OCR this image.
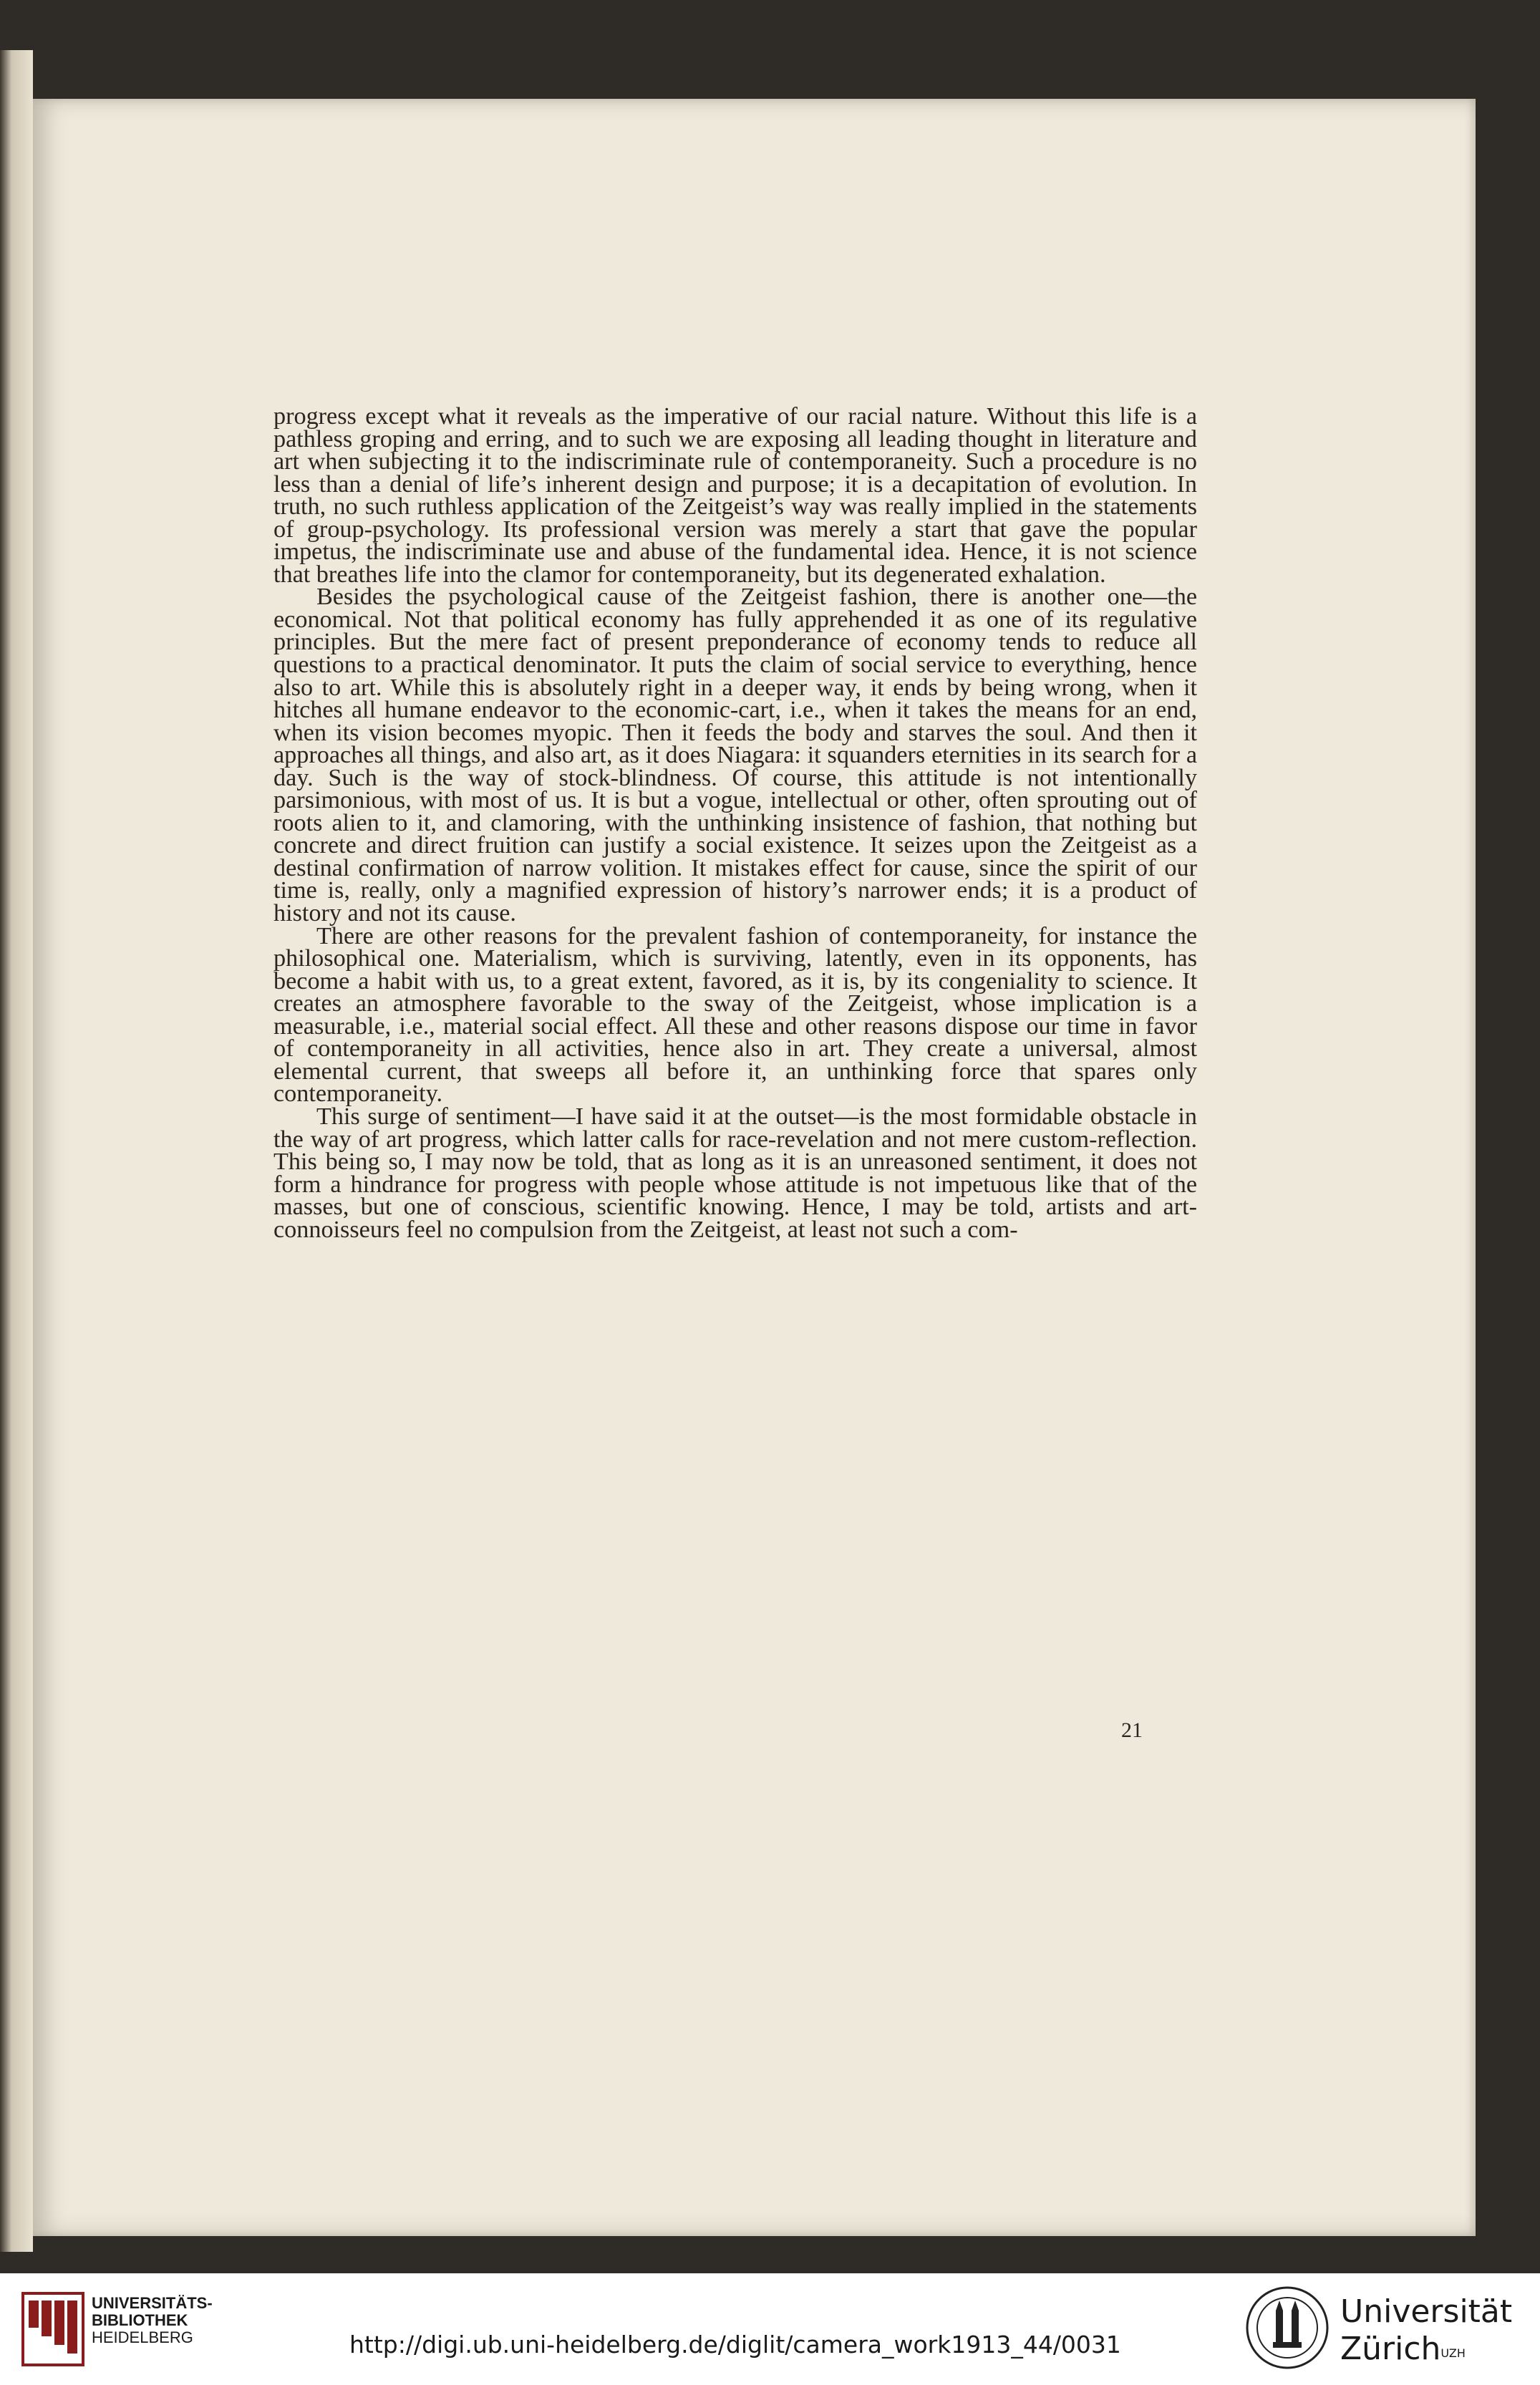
progress except what it reveals as the imperative of our racial nature. Without this life is a pathless groping and erring, and to such we are exposing all leading thought in literature and art when subjecting it to the indiscriminate rule of contemporaneity. Such a procedure is no less than a denial of life’s inherent design and purpose; it is a decapitation of evolution. In truth, no such ruthless application of the Zeitgeist’s way was really implied in the statements of group-psychology. Its professional version was merely a start that gave the popular impetus, the indiscriminate use and abuse of the fundamental idea. Hence, it is not science that breathes life into the clamor for contemporaneity, but its degenerated exhalation.

Besides the psychological cause of the Zeitgeist fashion, there is another one—the economical. Not that political economy has fully apprehended it as one of its regulative principles. But the mere fact of present preponderance of economy tends to reduce all questions to a practical denominator. It puts the claim of social service to everything, hence also to art. While this is absolutely right in a deeper way, it ends by being wrong, when it hitches all humane endeavor to the economic-cart, i.e., when it takes the means for an end, when its vision becomes myopic. Then it feeds the body and starves the soul. And then it approaches all things, and also art, as it does Niagara: it squanders eternities in its search for a day. Such is the way of stock-blindness. Of course, this attitude is not intentionally parsimonious, with most of us. It is but a vogue, intellectual or other, often sprouting out of roots alien to it, and clamoring, with the unthinking insistence of fashion, that nothing but concrete and direct fruition can justify a social existence. It seizes upon the Zeitgeist as a destinal confirmation of narrow volition. It mistakes effect for cause, since the spirit of our time is, really, only a magnified expression of history’s narrower ends; it is a product of history and not its cause.

There are other reasons for the prevalent fashion of contemporaneity, for instance the philosophical one. Materialism, which is surviving, latently, even in its opponents, has become a habit with us, to a great extent, favored, as it is, by its congeniality to science. It creates an atmosphere favorable to the sway of the Zeitgeist, whose implication is a measurable, i.e., material social effect. All these and other reasons dispose our time in favor of contemporaneity in all activities, hence also in art. They create a universal, almost elemental current, that sweeps all before it, an unthinking force that spares only contemporaneity.

This surge of sentiment—I have said it at the outset—is the most formidable obstacle in the way of art progress, which latter calls for race-revelation and not mere custom-reflection. This being so, I may now be told, that as long as it is an unreasoned sentiment, it does not form a hindrance for progress with people whose attitude is not impetuous like that of the masses, but one of conscious, scientific knowing. Hence, I may be told, artists and art-connoisseurs feel no compulsion from the Zeitgeist, at least not such a com-

21
UNIVERSITÄTS-
BIBLIOTHEK
HEIDELBERG	http://digi.ub.uni-heidelberg.de/diglit/camera_work1913_44/0031
Universität
Zürich$^{UZH}$
